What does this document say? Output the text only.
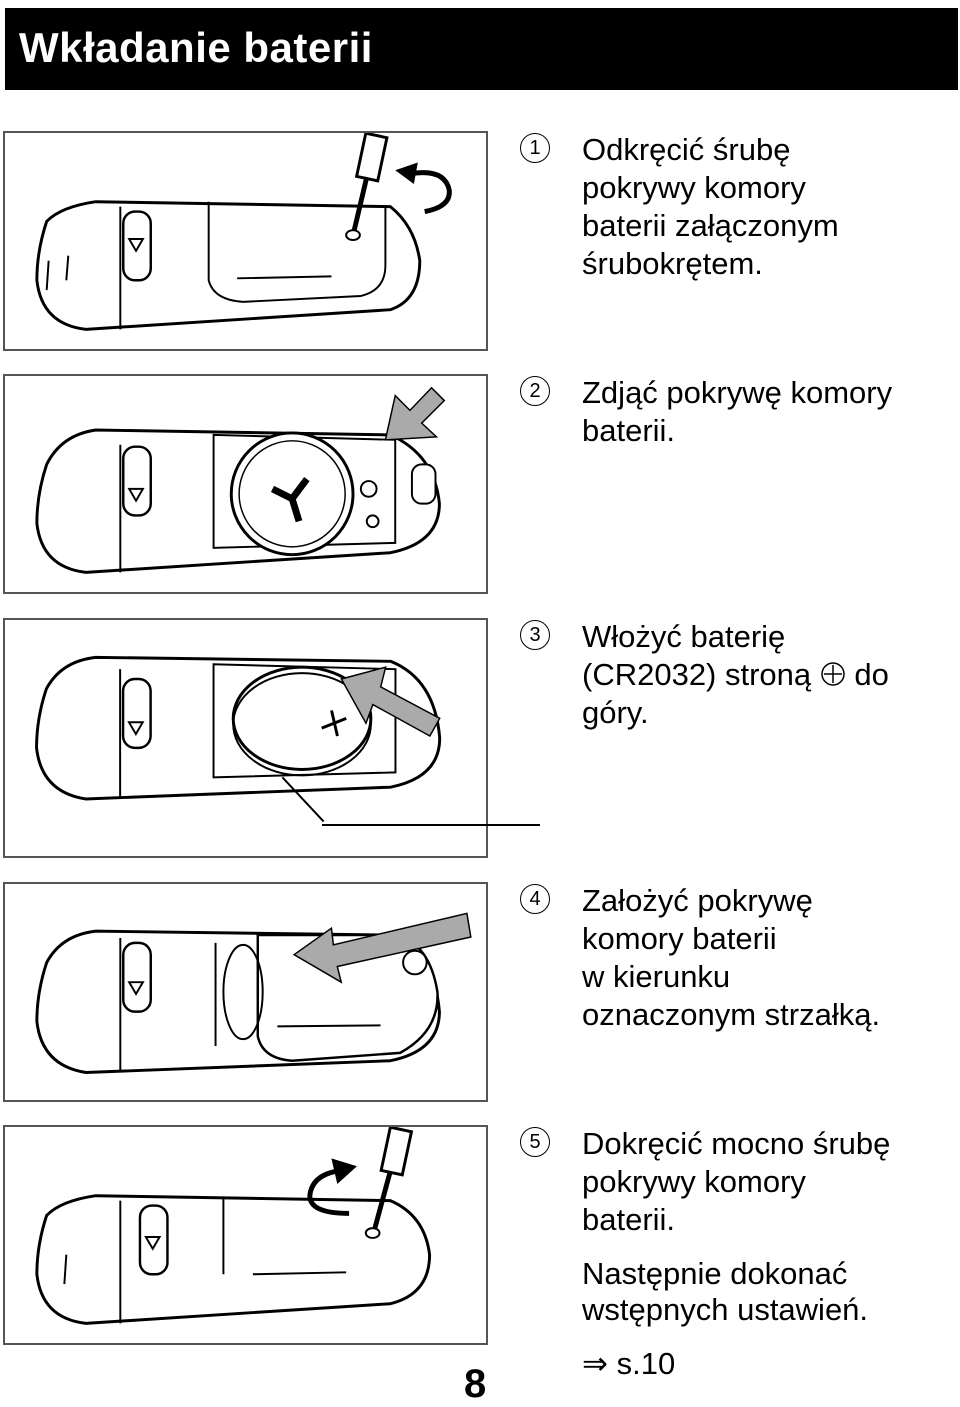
Wkładanie baterii
1	Odkręcić śrubę
pokrywy komory
baterii załączonym
śrubokrętem.
2	Zdjąć pokrywę komory
baterii.
3	Włożyć baterię
(CR2032) stroną  do
góry.
4	Założyć pokrywę
komory baterii
w kierunku
oznaczonym strzałką.
5	Dokręcić mocno śrubę
pokrywy komory
baterii.
Następnie dokonać
wstępnych ustawień.
⇒ s.10
8
